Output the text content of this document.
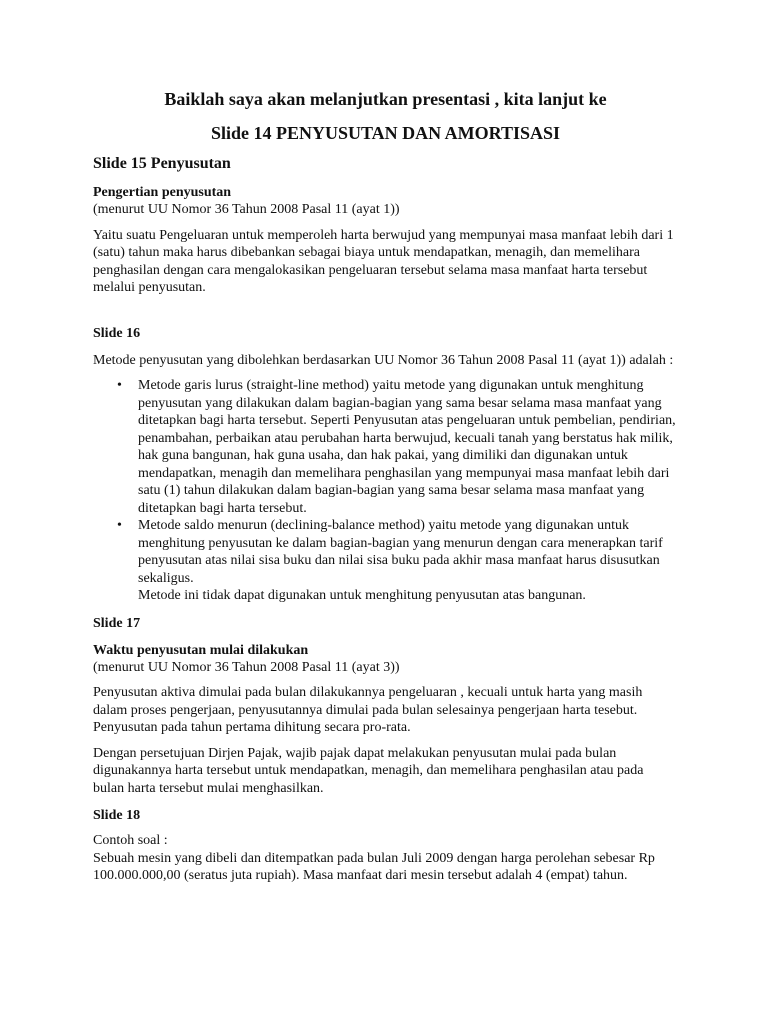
Baiklah saya akan melanjutkan presentasi , kita lanjut ke

Slide 14 PENYUSUTAN DAN AMORTISASI

Slide 15 Penyusutan
Pengertian penyusutan

(menurut UU Nomor 36 Tahun 2008 Pasal 11 (ayat 1))

Yaitu suatu Pengeluaran untuk memperoleh harta berwujud yang mempunyai masa manfaat lebih dari 1 (satu) tahun maka harus dibebankan sebagai biaya untuk mendapatkan, menagih, dan memelihara penghasilan dengan cara mengalokasikan pengeluaran tersebut selama masa manfaat harta tersebut melalui penyusutan.

Slide 16

Metode penyusutan yang dibolehkan berdasarkan UU Nomor 36 Tahun 2008 Pasal 11 (ayat 1)) adalah :

• Metode garis lurus (straight-line method) yaitu metode yang digunakan untuk menghitung penyusutan yang dilakukan dalam bagian-bagian yang sama besar selama masa manfaat yang ditetapkan bagi harta tersebut. Seperti Penyusutan atas pengeluaran untuk pembelian, pendirian, penambahan, perbaikan atau perubahan harta berwujud, kecuali tanah yang berstatus hak milik, hak guna bangunan, hak guna usaha, dan hak pakai, yang dimiliki dan digunakan untuk mendapatkan, menagih dan memelihara penghasilan yang mempunyai masa manfaat lebih dari satu (1) tahun dilakukan dalam bagian-bagian yang sama besar selama masa manfaat yang ditetapkan bagi harta tersebut.
• Metode saldo menurun (declining-balance method) yaitu metode yang digunakan untuk menghitung penyusutan ke dalam bagian-bagian yang menurun dengan cara menerapkan tarif penyusutan atas nilai sisa buku dan nilai sisa buku pada akhir masa manfaat harus disusutkan sekaligus.
Metode ini tidak dapat digunakan untuk menghitung penyusutan atas bangunan.
Slide 17
Waktu penyusutan mulai dilakukan

(menurut UU Nomor 36 Tahun 2008 Pasal 11 (ayat 3))

Penyusutan aktiva dimulai pada bulan dilakukannya pengeluaran , kecuali untuk harta yang masih dalam proses pengerjaan, penyusutannya dimulai pada bulan selesainya pengerjaan harta tesebut. Penyusutan pada tahun pertama dihitung secara pro-rata.

Dengan persetujuan Dirjen Pajak, wajib pajak dapat melakukan penyusutan mulai pada bulan digunakannya harta tersebut untuk mendapatkan, menagih, dan memelihara penghasilan atau pada bulan harta tersebut mulai menghasilkan.

Slide 18

Contoh soal :

Sebuah mesin yang dibeli dan ditempatkan pada bulan Juli 2009 dengan harga perolehan sebesar Rp 100.000.000,00 (seratus juta rupiah). Masa manfaat dari mesin tersebut adalah 4 (empat) tahun.
